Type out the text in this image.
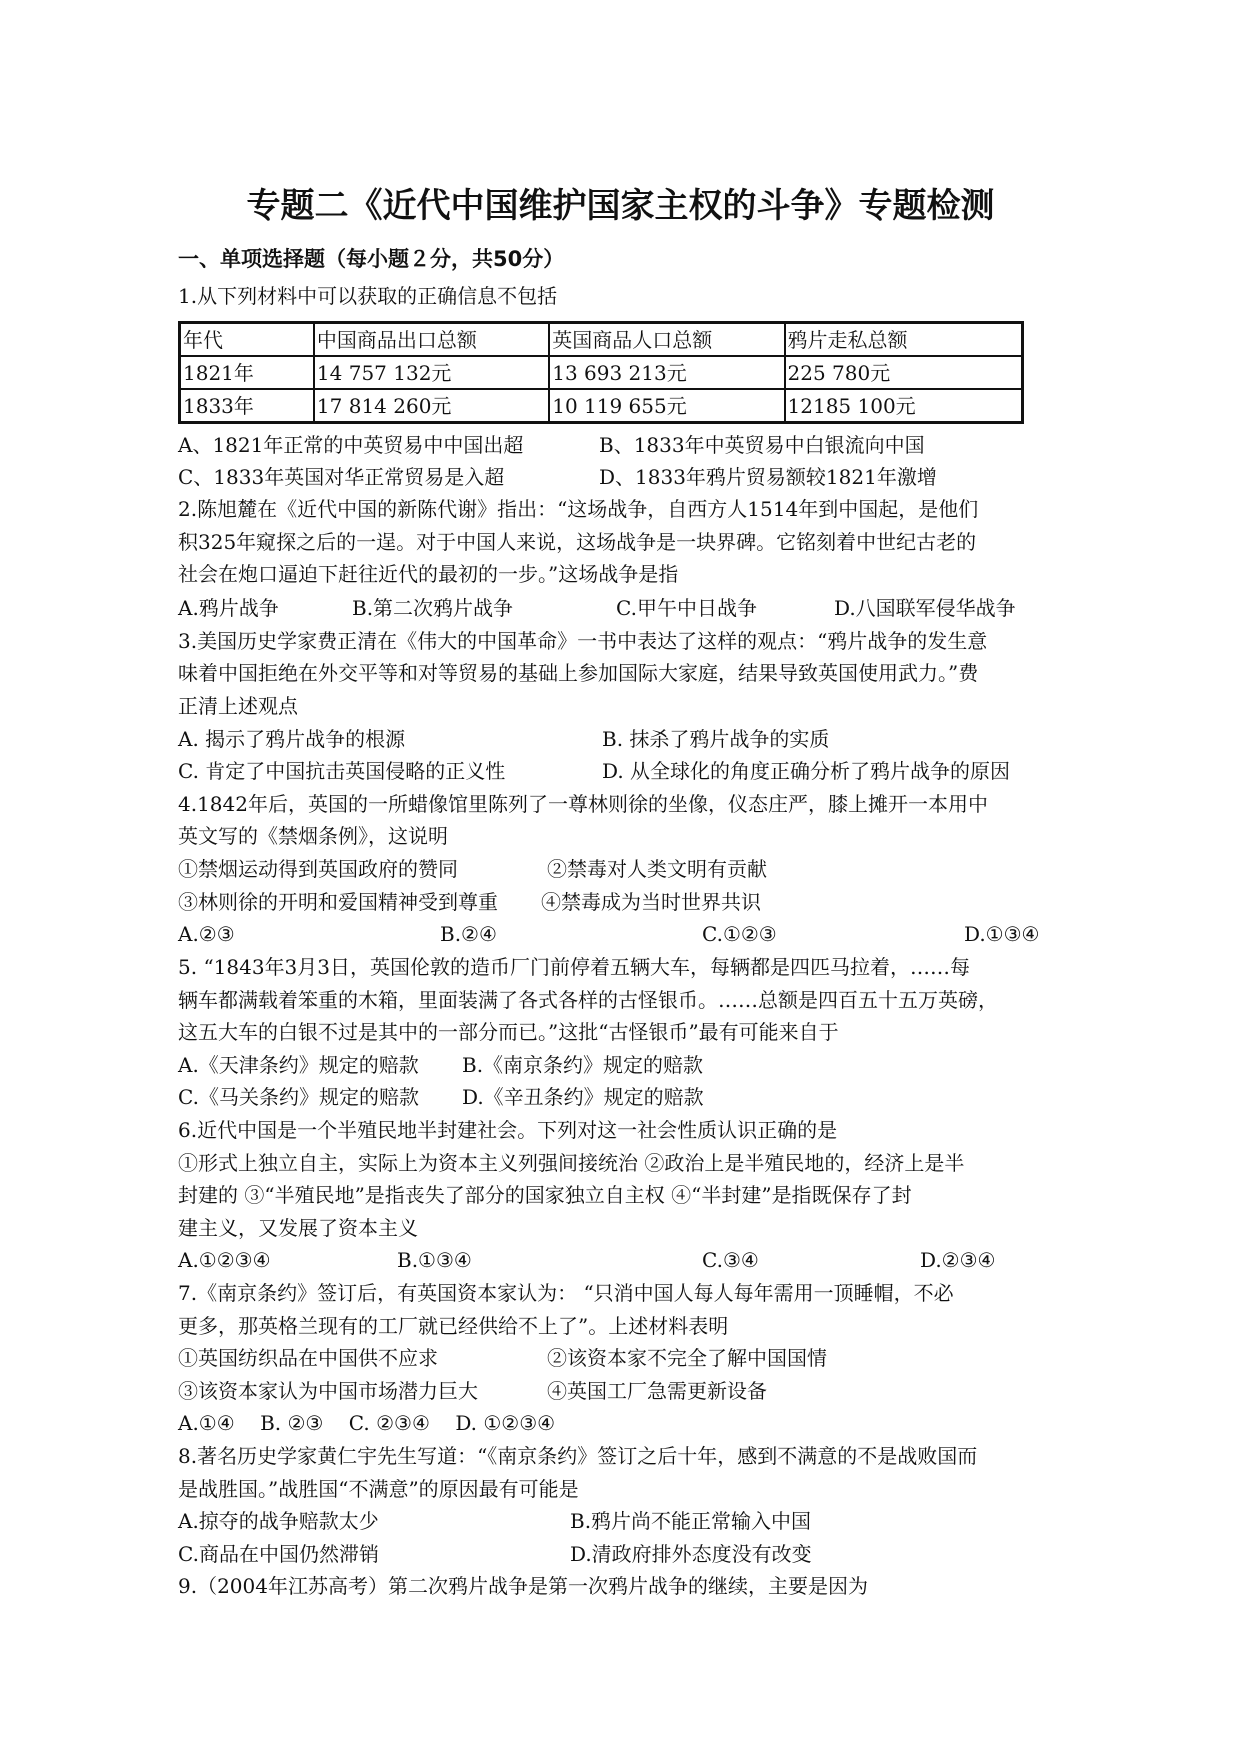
专题二《近代中国维护国家主权的斗争》专题检测
一、单项选择题（每小题２分，共50分）
1.从下列材料中可以获取的正确信息不包括
年代	中国商品出口总额	英国商品人口总额	鸦片走私总额
1821年	14 757 132元	13 693 213元	225 780元
1833年	17 814 260元	10 119 655元	12185 100元
A、1821年正常的中英贸易中中国出超	B、1833年中英贸易中白银流向中国
C、1833年英国对华正常贸易是入超	D、1833年鸦片贸易额较1821年激增
2.陈旭麓在《近代中国的新陈代谢》指出：“这场战争，自西方人1514年到中国起，是他们
积325年窥探之后的一逞。对于中国人来说，这场战争是一块界碑。它铭刻着中世纪古老的
社会在炮口逼迫下赶往近代的最初的一步。”这场战争是指
A.鸦片战争	B.第二次鸦片战争	C.甲午中日战争	D.八国联军侵华战争
3.美国历史学家费正清在《伟大的中国革命》一书中表达了这样的观点：“鸦片战争的发生意
味着中国拒绝在外交平等和对等贸易的基础上参加国际大家庭，结果导致英国使用武力。”费
正清上述观点
A. 揭示了鸦片战争的根源	B. 抹杀了鸦片战争的实质
C. 肯定了中国抗击英国侵略的正义性	D. 从全球化的角度正确分析了鸦片战争的原因
4.1842年后，英国的一所蜡像馆里陈列了一尊林则徐的坐像，仪态庄严，膝上摊开一本用中
英文写的《禁烟条例》，这说明
①禁烟运动得到英国政府的赞同	②禁毒对人类文明有贡献
③林则徐的开明和爱国精神受到尊重 ④禁毒成为当时世界共识
A.②③	B.②④	C.①②③	D.①③④
5. “1843年3月3日，英国伦敦的造币厂门前停着五辆大车，每辆都是四匹马拉着，……每
辆车都满载着笨重的木箱，里面装满了各式各样的古怪银币。……总额是四百五十五万英磅，
这五大车的白银不过是其中的一部分而已。”这批“古怪银币”最有可能来自于
A.《天津条约》规定的赔款 B.《南京条约》规定的赔款
C.《马关条约》规定的赔款 D.《辛丑条约》规定的赔款
6.近代中国是一个半殖民地半封建社会。下列对这一社会性质认识正确的是
①形式上独立自主，实际上为资本主义列强间接统治 ②政治上是半殖民地的，经济上是半
封建的 ③“半殖民地”是指丧失了部分的国家独立自主权 ④“半封建”是指既保存了封
建主义，又发展了资本主义
A.①②③④	B.①③④	C.③④	D.②③④
7.《南京条约》签订后，有英国资本家认为： “只消中国人每人每年需用一顶睡帽，不必
更多，那英格兰现有的工厂就已经供给不上了”。上述材料表明
①英国纺织品在中国供不应求	②该资本家不完全了解中国国情
③该资本家认为中国市场潜力巨大	④英国工厂急需更新设备
A.①④    B. ②③    C. ②③④    D. ①②③④
8.著名历史学家黄仁宇先生写道：“《南京条约》签订之后十年，感到不满意的不是战败国而
是战胜国。”战胜国“不满意”的原因最有可能是
A.掠夺的战争赔款太少	B.鸦片尚不能正常输入中国
C.商品在中国仍然滞销	D.清政府排外态度没有改变
9.（2004年江苏高考）第二次鸦片战争是第一次鸦片战争的继续，主要是因为
